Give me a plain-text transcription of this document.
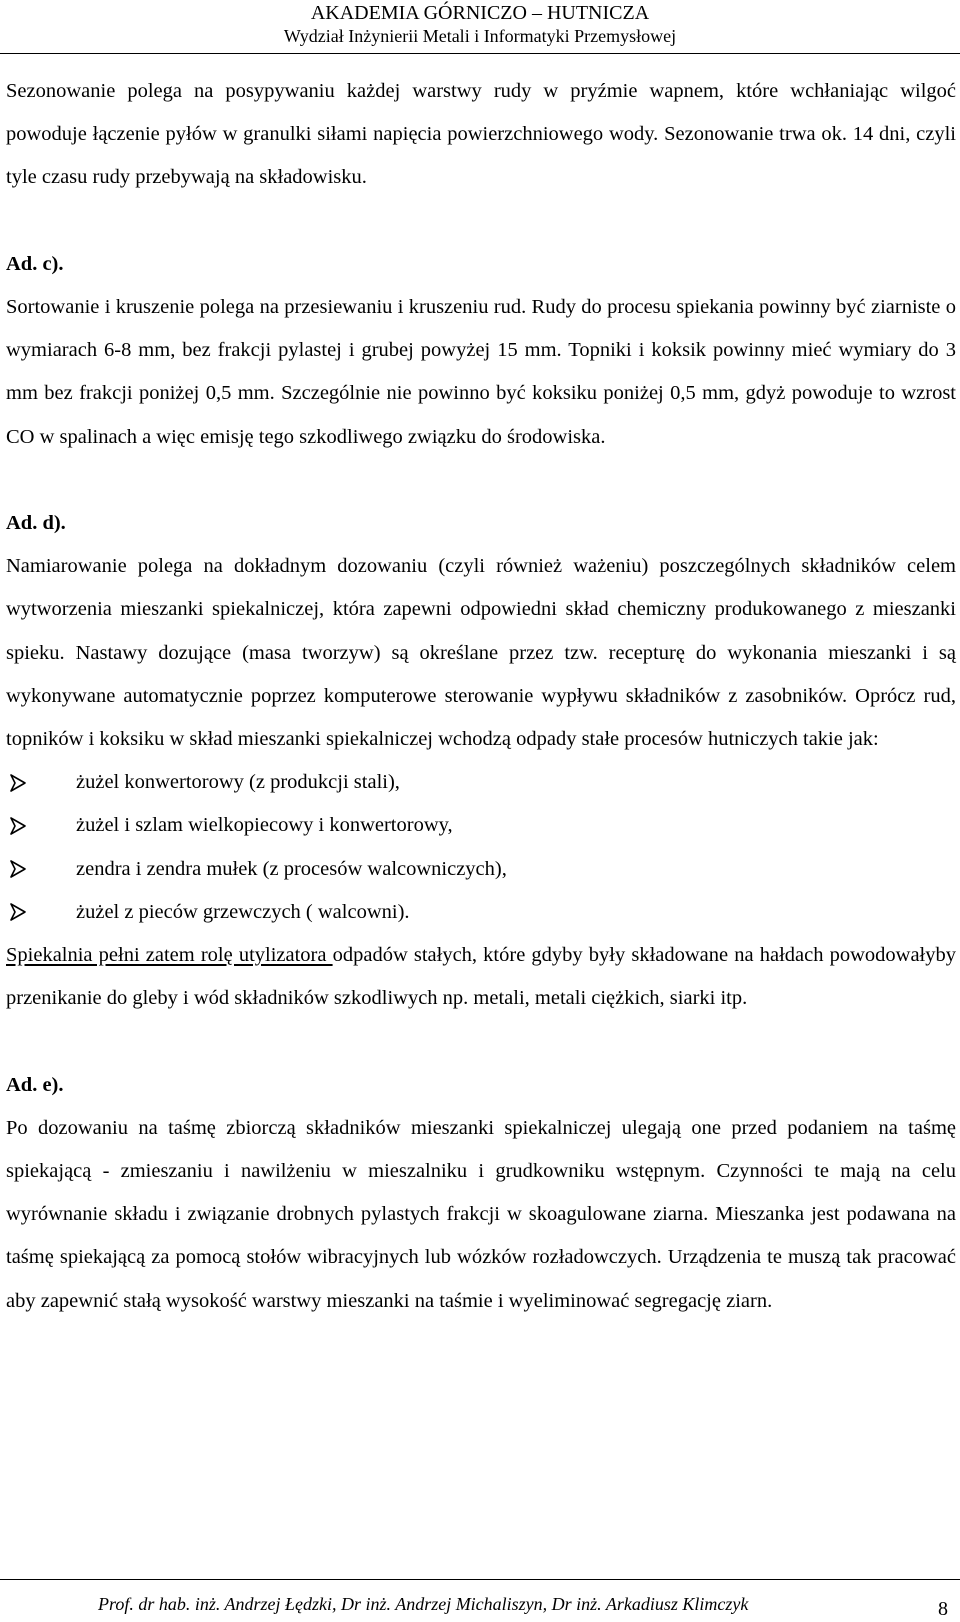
AKADEMIA GÓRNICZO – HUTNICZA
Wydział Inżynierii Metali i Informatyki Przemysłowej

Sezonowanie polega na posypywaniu każdej warstwy rudy w pryźmie wapnem, które wchłaniając wilgoć powoduje łączenie pyłów w granulki siłami napięcia powierzchniowego wody. Sezonowanie trwa ok. 14 dni, czyli tyle czasu rudy przebywają na składowisku.

Ad. c).

Sortowanie i kruszenie polega na przesiewaniu i kruszeniu rud. Rudy do procesu spiekania powinny być ziarniste o wymiarach 6-8 mm, bez frakcji pylastej i grubej powyżej 15 mm. Topniki i koksik powinny mieć wymiary do 3 mm bez frakcji poniżej 0,5 mm. Szczególnie nie powinno być koksiku poniżej 0,5 mm, gdyż powoduje to wzrost CO w spalinach a więc emisję tego szkodliwego związku do środowiska.

Ad. d).

Namiarowanie polega na dokładnym dozowaniu (czyli również ważeniu) poszczególnych składników celem wytworzenia mieszanki spiekalniczej, która zapewni odpowiedni skład chemiczny produkowanego z mieszanki spieku. Nastawy dozujące (masa tworzyw) są określane przez tzw. recepturę do wykonania mieszanki i są wykonywane automatycznie poprzez komputerowe sterowanie wypływu składników z zasobników. Oprócz rud, topników i koksiku w skład mieszanki spiekalniczej wchodzą odpady stałe procesów hutniczych takie jak:

żużel konwertorowy (z produkcji stali),
żużel i szlam wielkopiecowy i konwertorowy,
zendra i zendra mułek (z procesów walcowniczych),
żużel z pieców grzewczych ( walcowni).

Spiekalnia pełni zatem rolę utylizatora odpadów stałych, które gdyby były składowane na hałdach powodowałyby przenikanie do gleby i wód składników szkodliwych np. metali, metali ciężkich, siarki itp.

Ad. e).

Po dozowaniu na taśmę zbiorczą składników mieszanki spiekalniczej ulegają one przed podaniem na taśmę spiekającą - zmieszaniu i nawilżeniu w mieszalniku i grudkowniku wstępnym. Czynności te mają na celu wyrównanie składu i związanie drobnych pylastych frakcji w skoagulowane ziarna. Mieszanka jest podawana na taśmę spiekającą za pomocą stołów wibracyjnych lub wózków rozładowczych. Urządzenia te muszą tak pracować aby zapewnić stałą wysokość warstwy mieszanki na taśmie i wyeliminować segregację ziarn.

Prof. dr hab. inż. Andrzej Łędzki, Dr inż. Andrzej Michaliszyn, Dr inż. Arkadiusz Klimczyk	8
